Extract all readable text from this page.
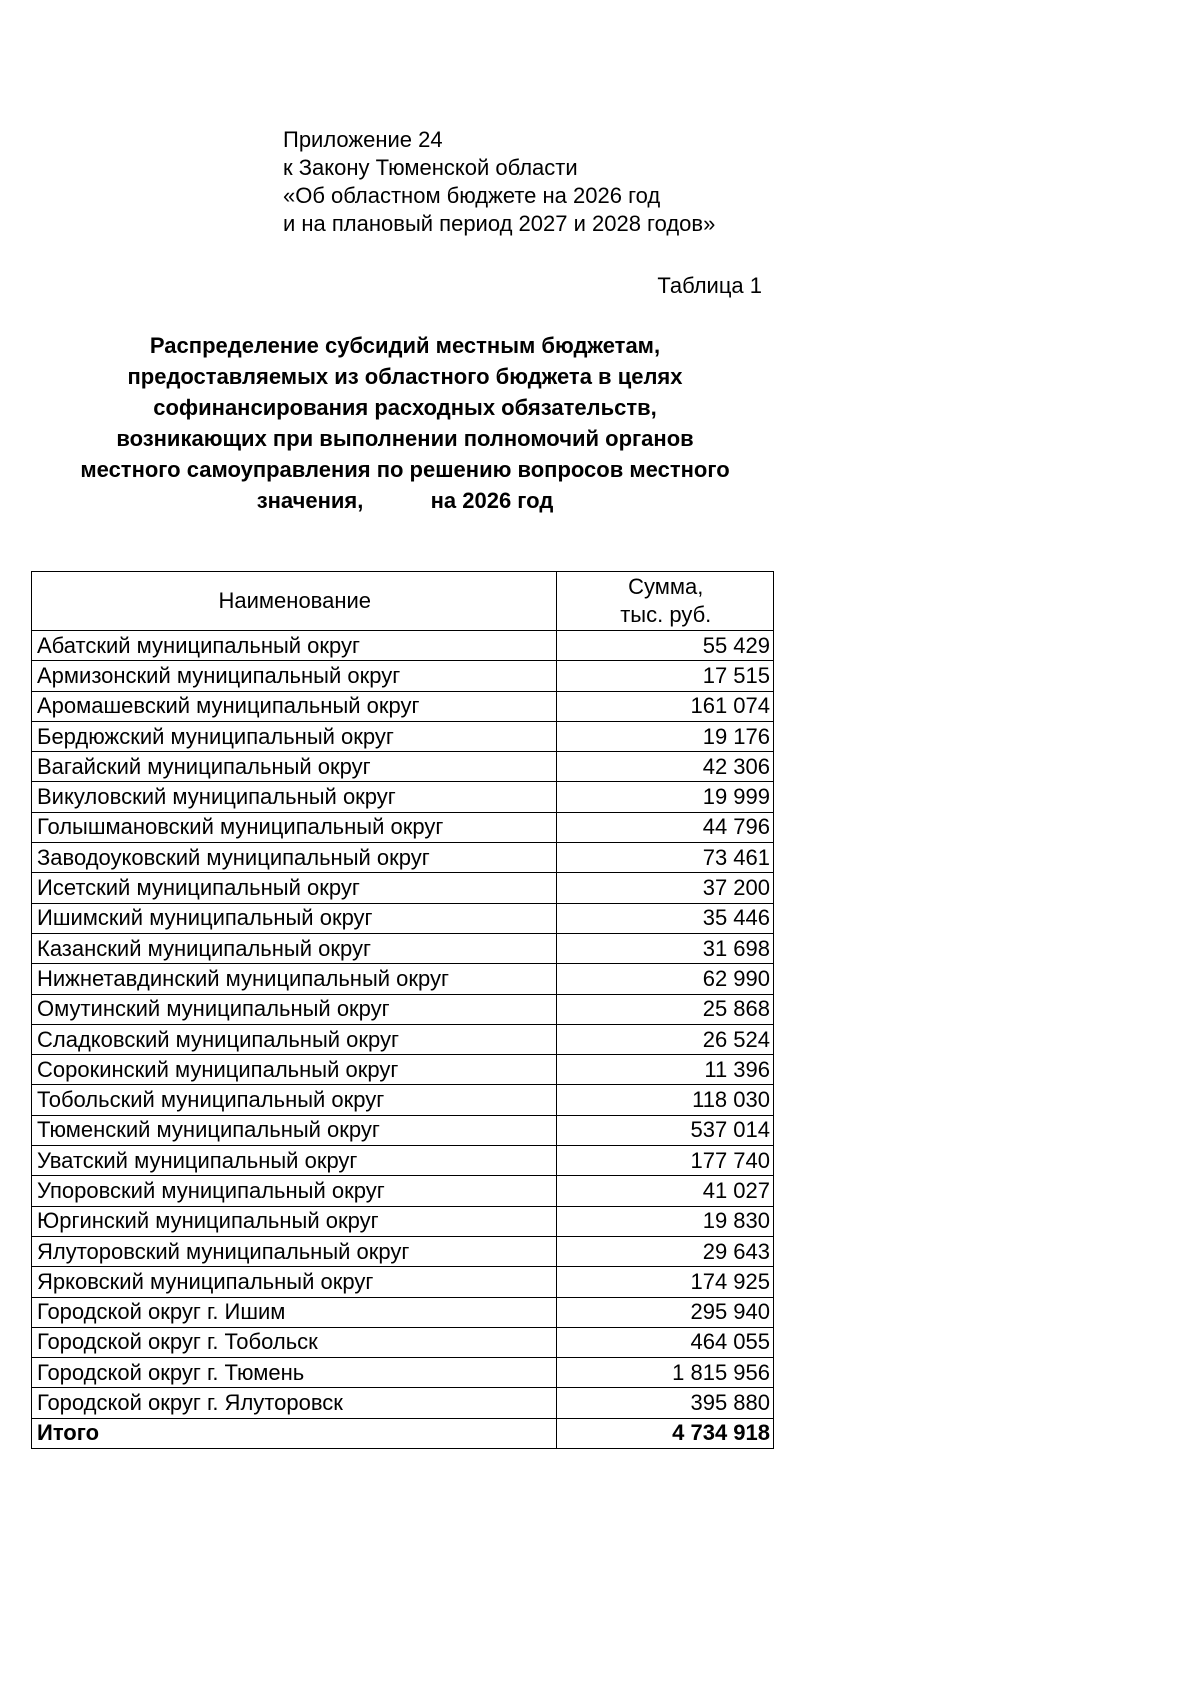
Приложение 24
к Закону Тюменской области
«Об областном бюджете на 2026 год
и на плановый период 2027 и 2028 годов»
Таблица 1
Распределение субсидий местным бюджетам,
предоставляемых из областного бюджета в целях
софинансирования расходных обязательств,
возникающих при выполнении полномочий органов
местного самоуправления по решению вопросов местного
значения,           на 2026 год
Наименование	Сумма,
тыс. руб.

Абатский муниципальный округ	55 429
Армизонский муниципальный округ	17 515
Аромашевский муниципальный округ	161 074
Бердюжский муниципальный округ	19 176
Вагайский муниципальный округ	42 306
Викуловский муниципальный округ	19 999
Голышмановский муниципальный округ	44 796
Заводоуковский муниципальный округ	73 461
Исетский муниципальный округ	37 200
Ишимский муниципальный округ	35 446
Казанский муниципальный округ	31 698
Нижнетавдинский муниципальный округ	62 990
Омутинский муниципальный округ	25 868
Сладковский муниципальный округ	26 524
Сорокинский муниципальный округ	11 396
Тобольский муниципальный округ	118 030
Тюменский муниципальный округ	537 014
Уватский муниципальный округ	177 740
Упоровский муниципальный округ	41 027
Юргинский муниципальный округ	19 830
Ялуторовский муниципальный округ	29 643
Ярковский муниципальный округ	174 925
Городской округ г. Ишим	295 940
Городской округ г. Тобольск	464 055
Городской округ г. Тюмень	1 815 956
Городской округ г. Ялуторовск	395 880
Итого	4 734 918
